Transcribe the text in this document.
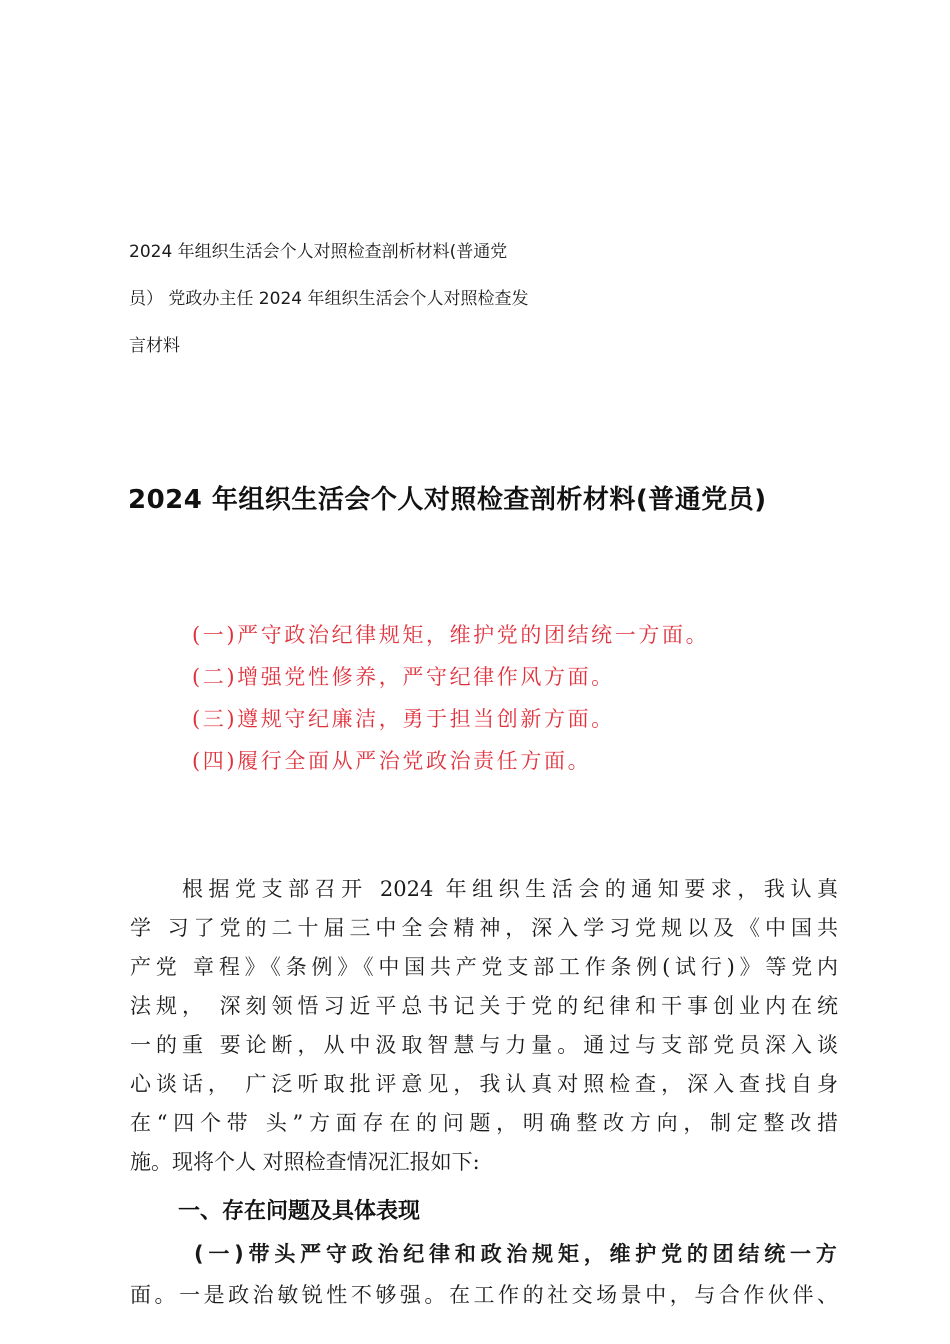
2024 年组织生活会个人对照检查剖析材料(普通党
员） 党政办主任 2024 年组织生活会个人对照检查发
言材料
2024 年组织生活会个人对照检查剖析材料(普通党员)
(一)严守政治纪律规矩，维护党的团结统一方面。
(二)增强党性修养，严守纪律作风方面。
(三)遵规守纪廉洁，勇于担当创新方面。
(四)履行全面从严治党政治责任方面。
根据党支部召开 2024 年组织生活会的通知要求，我认真
学 习了党的二十届三中全会精神，深入学习党规以及《中国共
产党 章程》《条例》《中国共产党支部工作条例(试行)》等党内
法规， 深刻领悟习近平总书记关于党的纪律和干事创业内在统
一的重 要论断，从中汲取智慧与力量。通过与支部党员深入谈
心谈话， 广泛听取批评意见，我认真对照检查，深入查找自身
在“四个带 头”方面存在的问题，明确整改方向，制定整改措
施。现将个人 对照检查情况汇报如下:
一、存在问题及具体表现
(一)带头严守政治纪律和政治规矩，维护党的团结统一方
面。一是政治敏锐性不够强。在工作的社交场景中，与合作伙伴、
